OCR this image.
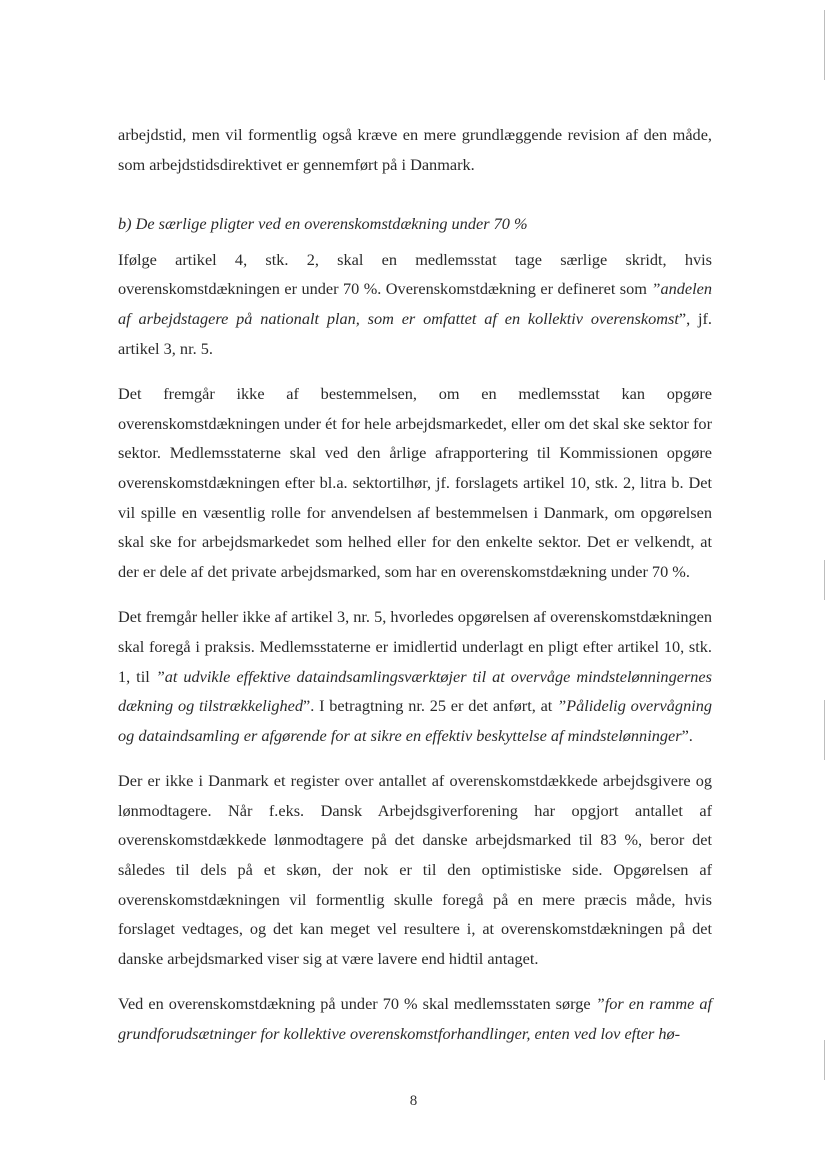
arbejdstid, men vil formentlig også kræve en mere grundlæggende revision af den måde, som arbejdstidsdirektivet er gennemført på i Danmark.

b) De særlige pligter ved en overenskomstdækning under 70 %

Ifølge artikel 4, stk. 2, skal en medlemsstat tage særlige skridt, hvis overenskomstdækningen er under 70 %. Overenskomstdækning er defineret som ”andelen af arbejdstagere på nationalt plan, som er omfattet af en kollektiv overenskomst”, jf. artikel 3, nr. 5.

Det fremgår ikke af bestemmelsen, om en medlemsstat kan opgøre overenskomstdækningen under ét for hele arbejdsmarkedet, eller om det skal ske sektor for sektor. Medlemsstaterne skal ved den årlige afrapportering til Kommissionen opgøre overenskomstdækningen efter bl.a. sektortilhør, jf. forslagets artikel 10, stk. 2, litra b. Det vil spille en væsentlig rolle for anvendelsen af bestemmelsen i Danmark, om opgørelsen skal ske for arbejdsmarkedet som helhed eller for den enkelte sektor. Det er velkendt, at der er dele af det private arbejdsmarked, som har en overenskomstdækning under 70 %.

Det fremgår heller ikke af artikel 3, nr. 5, hvorledes opgørelsen af overenskomstdækningen skal foregå i praksis. Medlemsstaterne er imidlertid underlagt en pligt efter artikel 10, stk. 1, til ”at udvikle effektive dataindsamlingsværktøjer til at overvåge mindstelønningernes dækning og tilstrækkelighed”. I betragtning nr. 25 er det anført, at ”Pålidelig overvågning og dataindsamling er afgørende for at sikre en effektiv beskyttelse af mindstelønninger”.

Der er ikke i Danmark et register over antallet af overenskomstdækkede arbejdsgivere og lønmodtagere. Når f.eks. Dansk Arbejdsgiverforening har opgjort antallet af overenskomstdækkede lønmodtagere på det danske arbejdsmarked til 83 %, beror det således til dels på et skøn, der nok er til den optimistiske side. Opgørelsen af overenskomstdækningen vil formentlig skulle foregå på en mere præcis måde, hvis forslaget vedtages, og det kan meget vel resultere i, at overenskomstdækningen på det danske arbejdsmarked viser sig at være lavere end hidtil antaget.

Ved en overenskomstdækning på under 70 % skal medlemsstaten sørge ”for en ramme af grundforudsætninger for kollektive overenskomstforhandlinger, enten ved lov efter hø-

8
